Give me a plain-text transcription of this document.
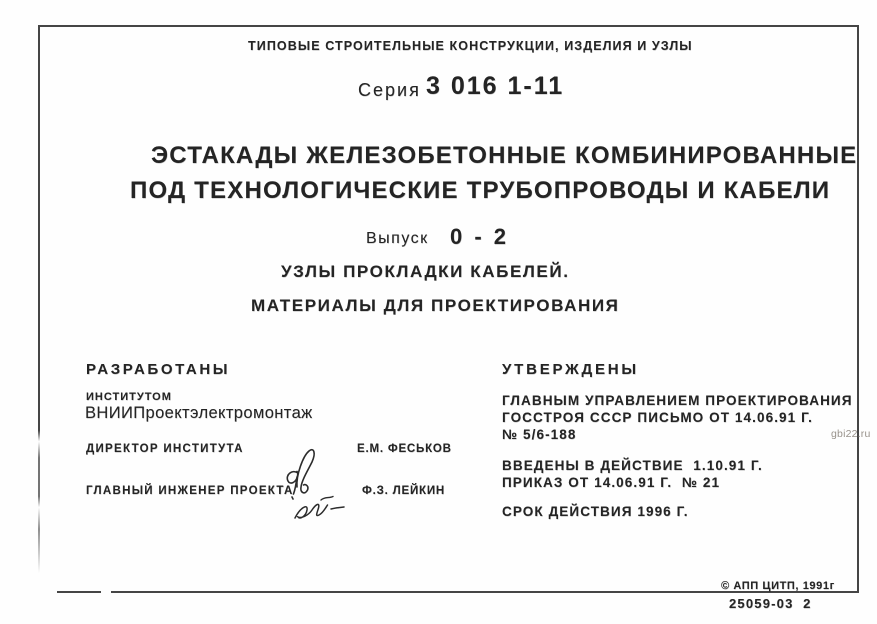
ТИПОВЫЕ СТРОИТЕЛЬНЫЕ КОНСТРУКЦИИ, ИЗДЕЛИЯ И УЗЛЫ
Серия 3 016 1-11
ЭСТАКАДЫ ЖЕЛЕЗОБЕТОННЫЕ КОМБИНИРОВАННЫЕ
ПОД ТЕХНОЛОГИЧЕСКИЕ ТРУБОПРОВОДЫ И КАБЕЛИ
Выпуск 0 - 2
УЗЛЫ ПРОКЛАДКИ КАБЕЛЕЙ.
МАТЕРИАЛЫ ДЛЯ ПРОЕКТИРОВАНИЯ
РАЗРАБОТАНЫ
ИНСТИТУТОМ
ВНИИПроектэлектромонтаж
ДИРЕКТОР ИНСТИТУТА

	Е.М. ФЕСЬКОВ
ГЛАВНЫЙ ИНЖЕНЕР ПРОЕКТА

	Ф.З. ЛЕЙКИН
УТВЕРЖДЕНЫ
ГЛАВНЫМ УПРАВЛЕНИЕМ ПРОЕКТИРОВАНИЯ
ГОССТРОЯ СССР ПИСЬМО ОТ 14.06.91 Г.
№ 5/6-188
ВВЕДЕНЫ В ДЕЙСТВИЕ  1.10.91 Г.
ПРИКАЗ ОТ 14.06.91 Г.  № 21
СРОК ДЕЙСТВИЯ 1996 Г.
gbi22.ru
© АПП ЦИТП, 1991г
25059-03  2
